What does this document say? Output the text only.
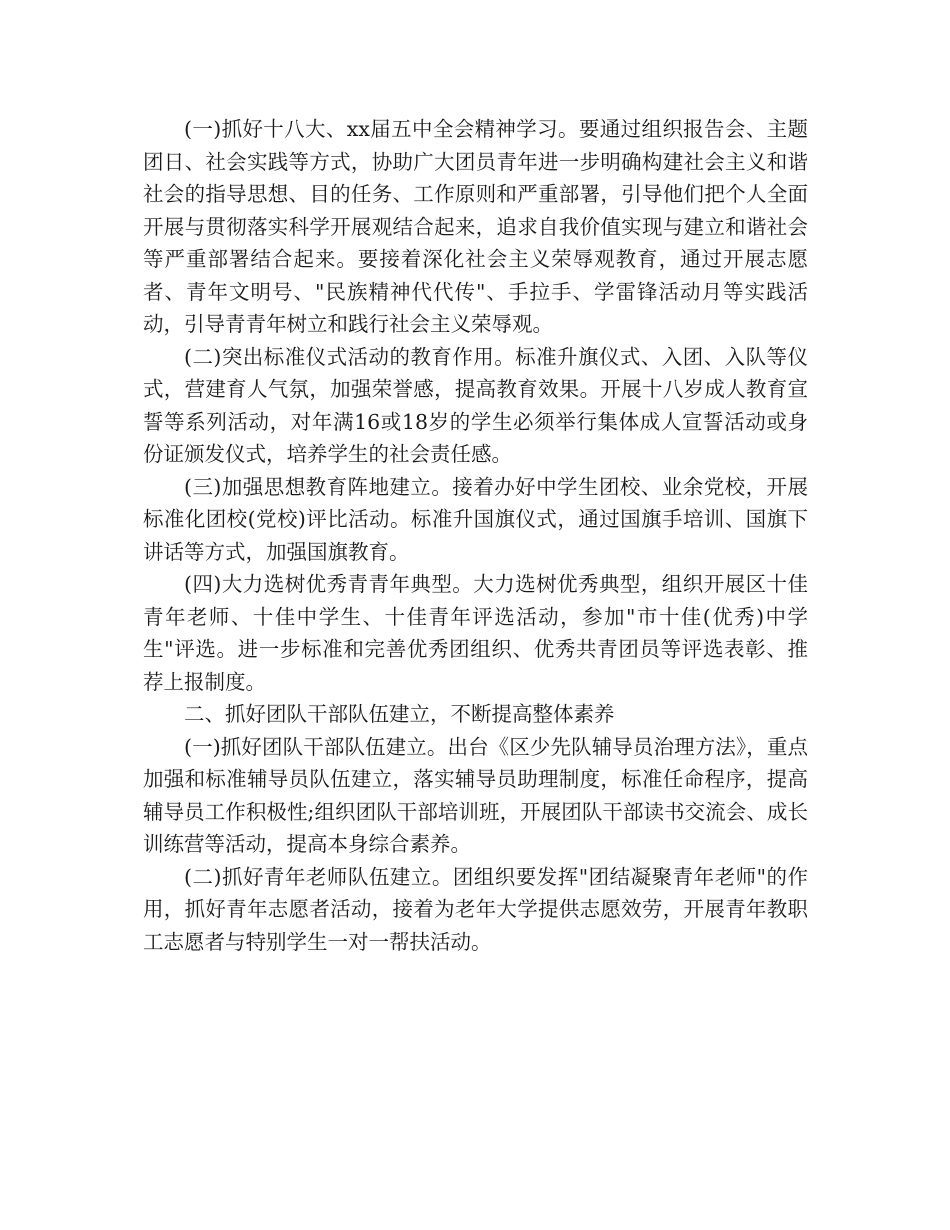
(一)抓好十八大、xx届五中全会精神学习。要通过组织报告会、主题团日、社会实践等方式，协助广大团员青年进一步明确构建社会主义和谐社会的指导思想、目的任务、工作原则和严重部署，引导他们把个人全面开展与贯彻落实科学开展观结合起来，追求自我价值实现与建立和谐社会等严重部署结合起来。要接着深化社会主义荣辱观教育，通过开展志愿者、青年文明号、"民族精神代代传"、手拉手、学雷锋活动月等实践活动，引导青青年树立和践行社会主义荣辱观。

(二)突出标准仪式活动的教育作用。标准升旗仪式、入团、入队等仪式，营建育人气氛，加强荣誉感，提高教育效果。开展十八岁成人教育宣誓等系列活动，对年满16或18岁的学生必须举行集体成人宣誓活动或身份证颁发仪式，培养学生的社会责任感。

(三)加强思想教育阵地建立。接着办好中学生团校、业余党校，开展标准化团校(党校)评比活动。标准升国旗仪式，通过国旗手培训、国旗下讲话等方式，加强国旗教育。

(四)大力选树优秀青青年典型。大力选树优秀典型，组织开展区十佳青年老师、十佳中学生、十佳青年评选活动，参加"市十佳(优秀)中学生"评选。进一步标准和完善优秀团组织、优秀共青团员等评选表彰、推荐上报制度。

二、抓好团队干部队伍建立，不断提高整体素养

(一)抓好团队干部队伍建立。出台《区少先队辅导员治理方法》，重点加强和标准辅导员队伍建立，落实辅导员助理制度，标准任命程序，提高辅导员工作积极性;组织团队干部培训班，开展团队干部读书交流会、成长训练营等活动，提高本身综合素养。

(二)抓好青年老师队伍建立。团组织要发挥"团结凝聚青年老师"的作用，抓好青年志愿者活动，接着为老年大学提供志愿效劳，开展青年教职工志愿者与特别学生一对一帮扶活动。
